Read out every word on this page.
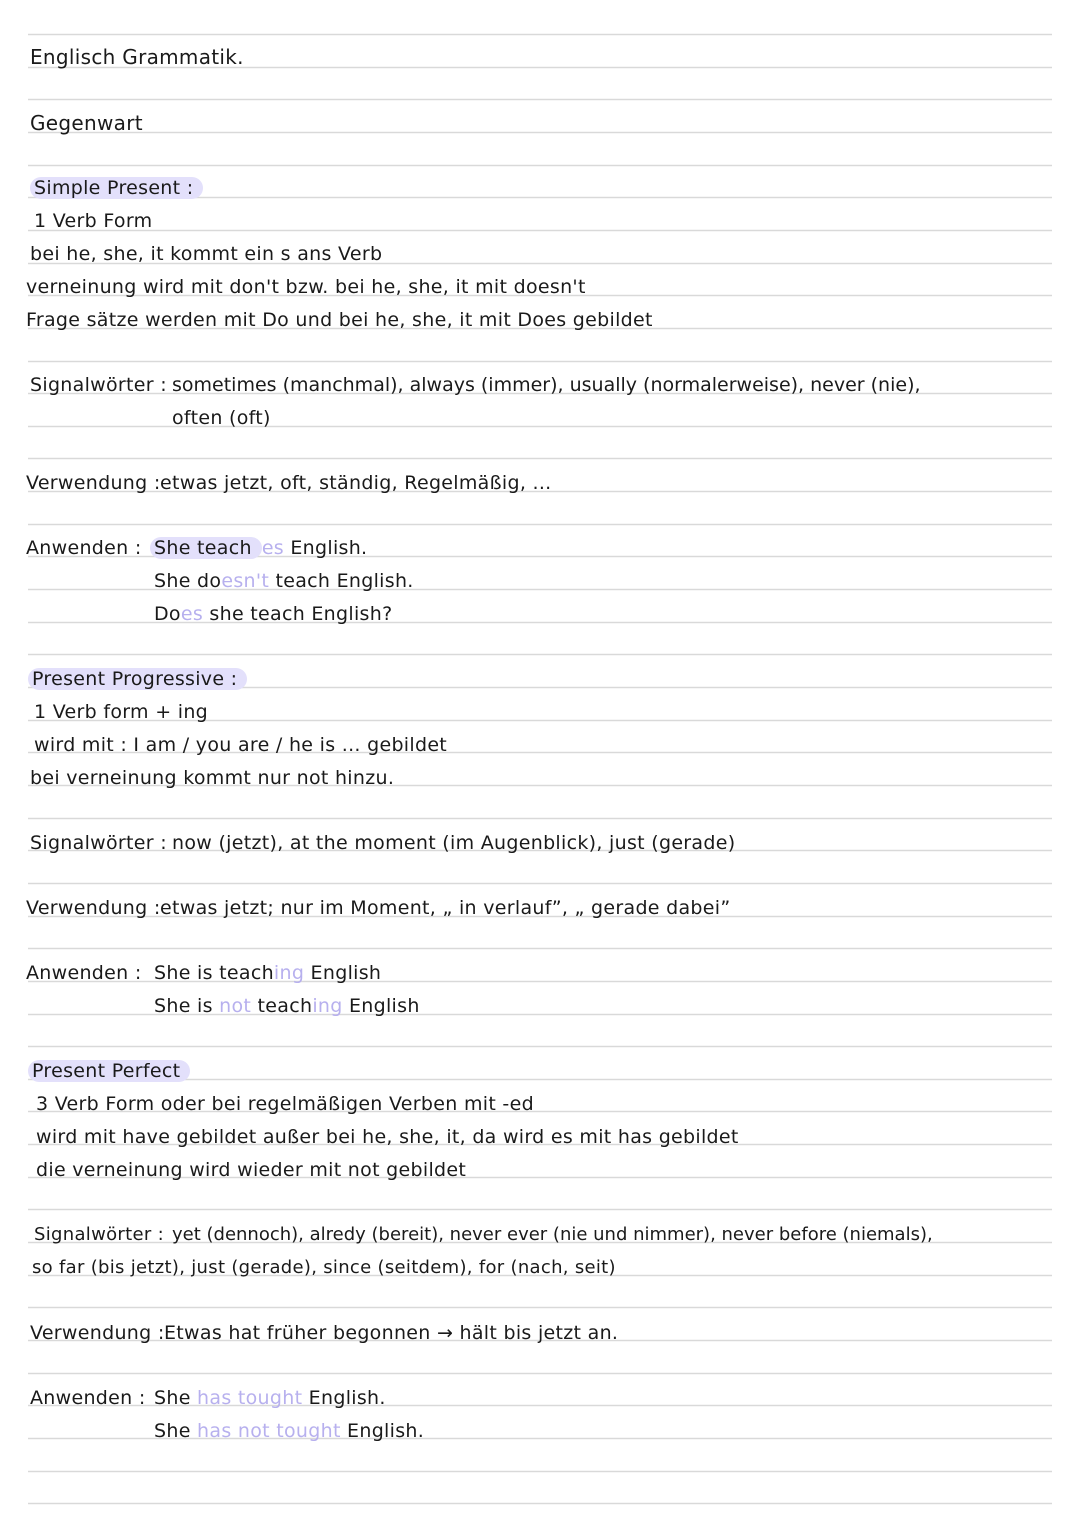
Englisch Grammatik.
Gegenwart
Simple Present :
1 Verb Form
bei he, she, it kommt ein s ans Verb
verneinung wird mit don't bzw. bei he, she, it mit doesn't
Frage sätze werden mit Do und bei he, she, it mit Does gebildet
Signalwörter : sometimes (manchmal), always (immer), usually (normalerweise), never (nie),
often (oft)
Verwendung : etwas jetzt, oft, ständig, Regelmäßig, ...
Anwenden : She teach es English.
She doesn't teach English.
Does she teach English?
Present Progressive :
1 Verb form + ing
wird mit : I am / you are / he is ... gebildet
bei verneinung kommt nur not hinzu.
Signalwörter : now (jetzt), at the moment (im Augenblick), just (gerade)
Verwendung : etwas jetzt; nur im Moment, „ in verlauf”, „ gerade dabei”
Anwenden : She is teaching English
She is not teaching English
Present Perfect
3 Verb Form oder bei regelmäßigen Verben mit -ed
wird mit have gebildet außer bei he, she, it, da wird es mit has gebildet
die verneinung wird wieder mit not gebildet
Signalwörter : yet (dennoch), alredy (bereit), never ever (nie und nimmer), never before (niemals),
so far (bis jetzt), just (gerade), since (seitdem), for (nach, seit)
Verwendung : Etwas hat früher begonnen → hält bis jetzt an.
Anwenden : She has tought English.
She has not tought English.
